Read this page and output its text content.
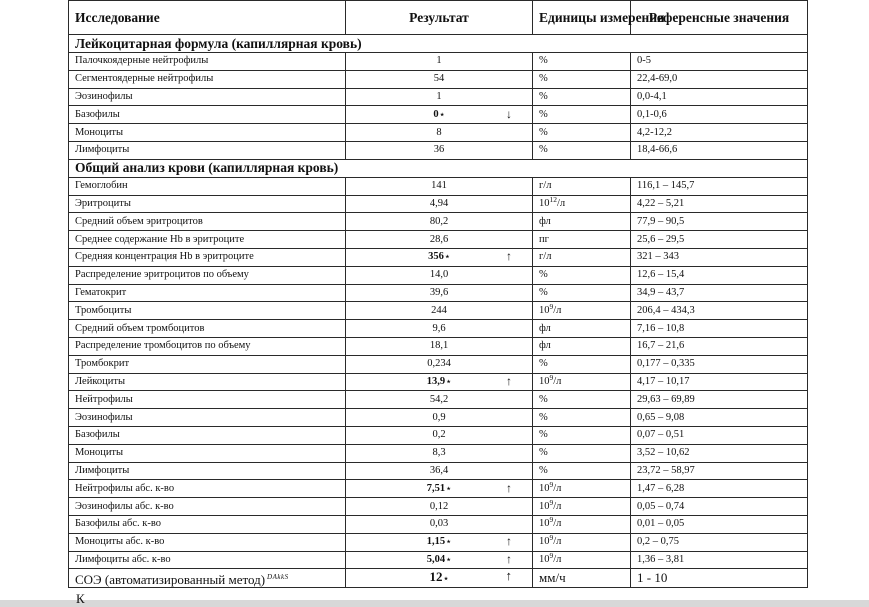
Исследование	Результат	Единицы измерения	Референсные значения
Лейкоцитарная формула (капиллярная кровь)			
Палочкоядерные нейтрофилы	1	%	0-5
Сегментоядерные нейтрофилы	54	%	22,4-69,0
Эозинофилы	1	%	0,0-4,1
Базофилы	0⋆ ↓	%	0,1-0,6
Моноциты	8	%	4,2-12,2
Лимфоциты	36	%	18,4-66,6
Общий анализ крови (капиллярная кровь)			
Гемоглобин	141	г/л	116,1 – 145,7
Эритроциты	4,94	$10^{12}/л$	4,22 – 5,21
Средний объем эритроцитов	80,2	фл	77,9 – 90,5
Среднее содержание Hb в эритроците	28,6	пг	25,6 – 29,5
Средняя концентрация Hb в эритроците	356⋆ ↑	г/л	321 – 343
Распределение эритроцитов по объему	14,0	%	12,6 – 15,4
Гематокрит	39,6	%	34,9 – 43,7
Тромбоциты	244	$10^9/л$	206,4 – 434,3
Средний объем тромбоцитов	9,6	фл	7,16 – 10,8
Распределение тромбоцитов по объему	18,1	фл	16,7 – 21,6
Тромбокрит	0,234	%	0,177 – 0,335
Лейкоциты	13,9⋆ ↑	$10^9/л$	4,17 – 10,17
Нейтрофилы	54,2	%	29,63 – 69,89
Эозинофилы	0,9	%	0,65 – 9,08
Базофилы	0,2	%	0,07 – 0,51
Моноциты	8,3	%	3,52 – 10,62
Лимфоциты	36,4	%	23,72 – 58,97
Нейтрофилы абс. к-во	7,51⋆ ↑	$10^9/л$	1,47 – 6,28
Эозинофилы абс. к-во	0,12	$10^9/л$	0,05 – 0,74
Базофилы абс. к-во	0,03	$10^9/л$	0,01 – 0,05
Моноциты абс. к-во	1,15⋆ ↑	$10^9/л$	0,2 – 0,75
Лимфоциты абс. к-во	5,04⋆ ↑	$10^9/л$	1,36 – 3,81
СОЭ (автоматизированный метод) $^{DAkkS}$	12⋆ ↑	мм/ч	1 - 10
К
